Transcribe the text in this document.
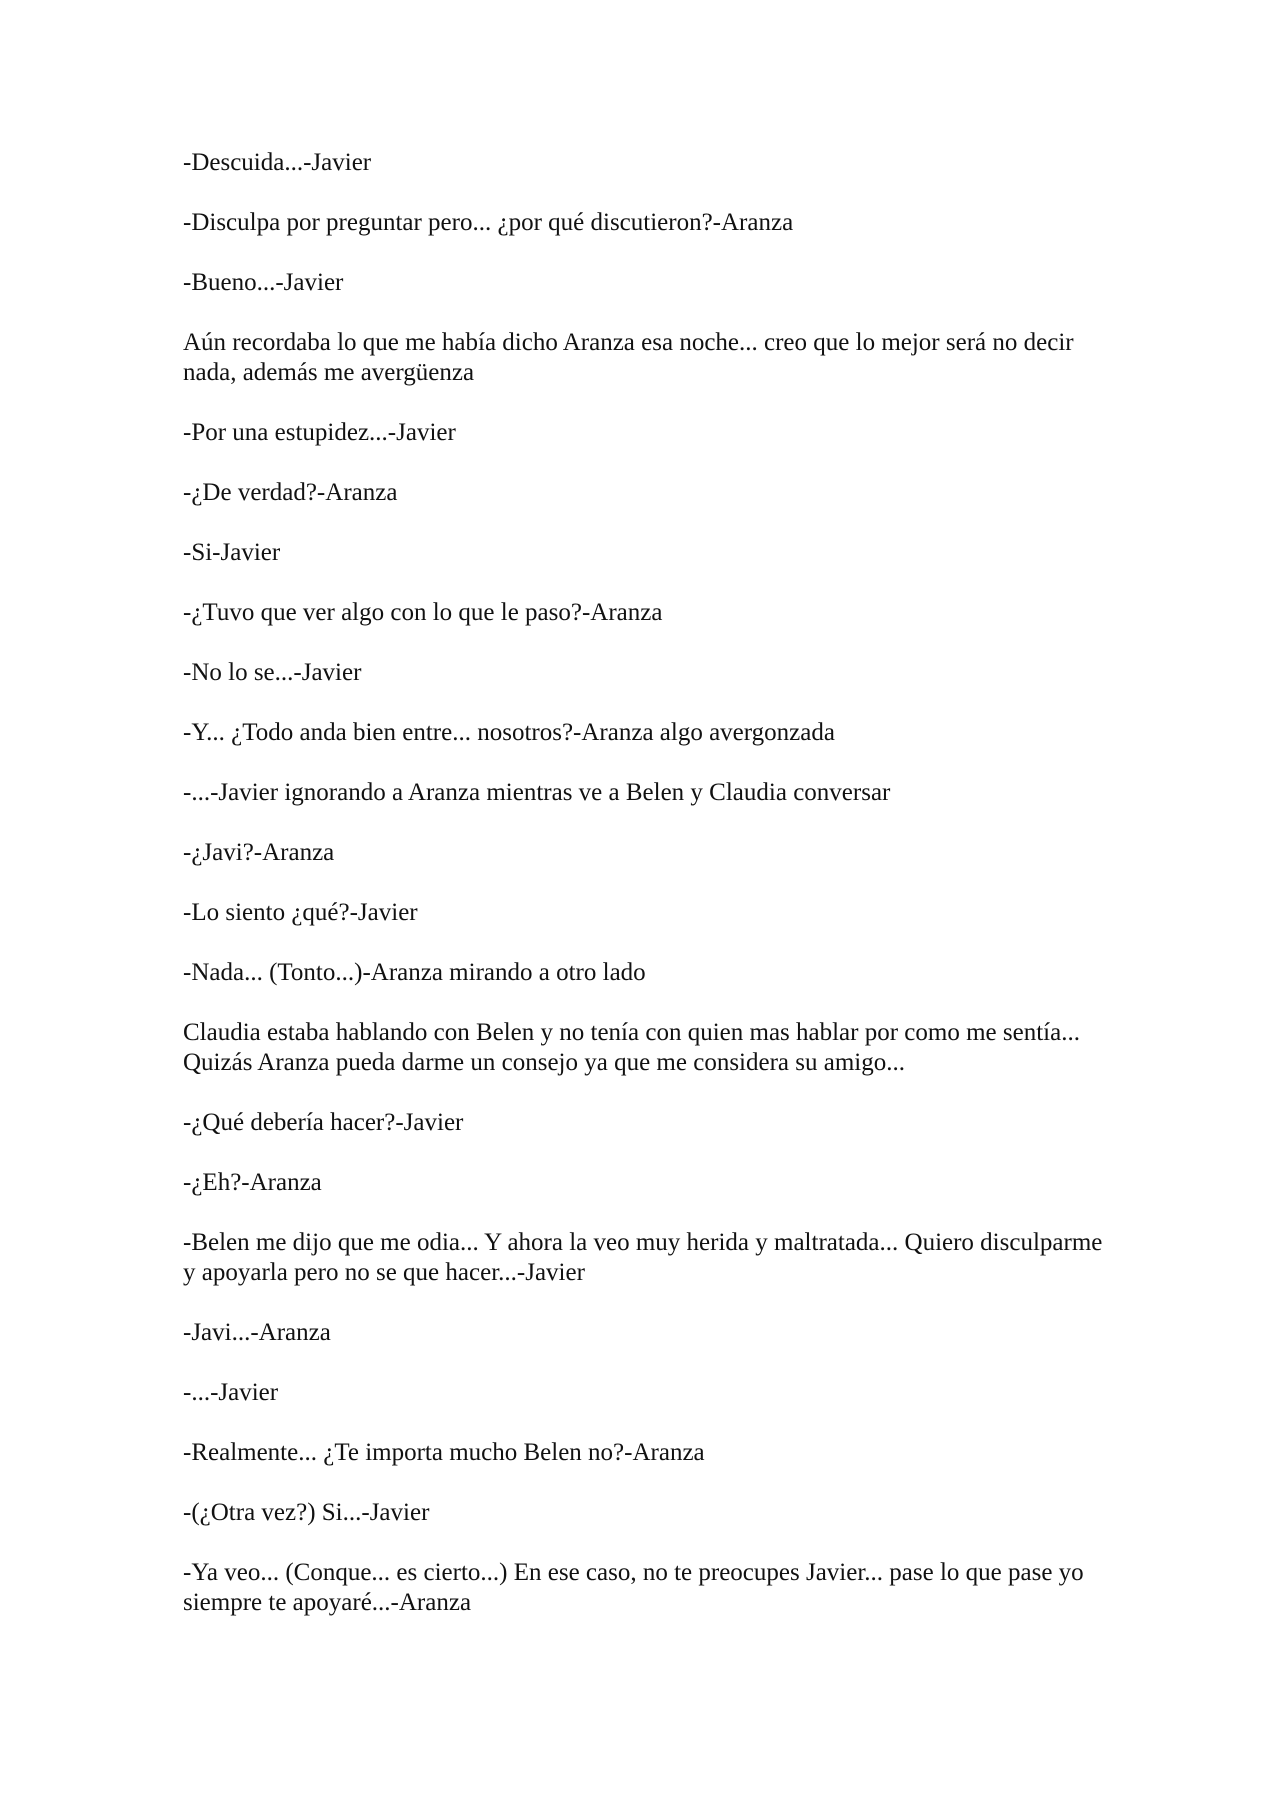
-Descuida...-Javier

-Disculpa por preguntar pero... ¿por qué discutieron?-Aranza

-Bueno...-Javier

Aún recordaba lo que me había dicho Aranza esa noche... creo que lo mejor será no decir nada, además me avergüenza

-Por una estupidez...-Javier

-¿De verdad?-Aranza

-Si-Javier

-¿Tuvo que ver algo con lo que le paso?-Aranza

-No lo se...-Javier

-Y... ¿Todo anda bien entre... nosotros?-Aranza algo avergonzada

-...-Javier ignorando a Aranza mientras ve a Belen y Claudia conversar

-¿Javi?-Aranza

-Lo siento ¿qué?-Javier

-Nada... (Tonto...)-Aranza mirando a otro lado

Claudia estaba hablando con Belen y no tenía con quien mas hablar por como me sentía... Quizás Aranza pueda darme un consejo ya que me considera su amigo...

-¿Qué debería hacer?-Javier

-¿Eh?-Aranza

-Belen me dijo que me odia... Y ahora la veo muy herida y maltratada... Quiero disculparme y apoyarla pero no se que hacer...-Javier

-Javi...-Aranza

-...-Javier

-Realmente... ¿Te importa mucho Belen no?-Aranza

-(¿Otra vez?) Si...-Javier

-Ya veo... (Conque... es cierto...) En ese caso, no te preocupes Javier... pase lo que pase yo siempre te apoyaré...-Aranza
